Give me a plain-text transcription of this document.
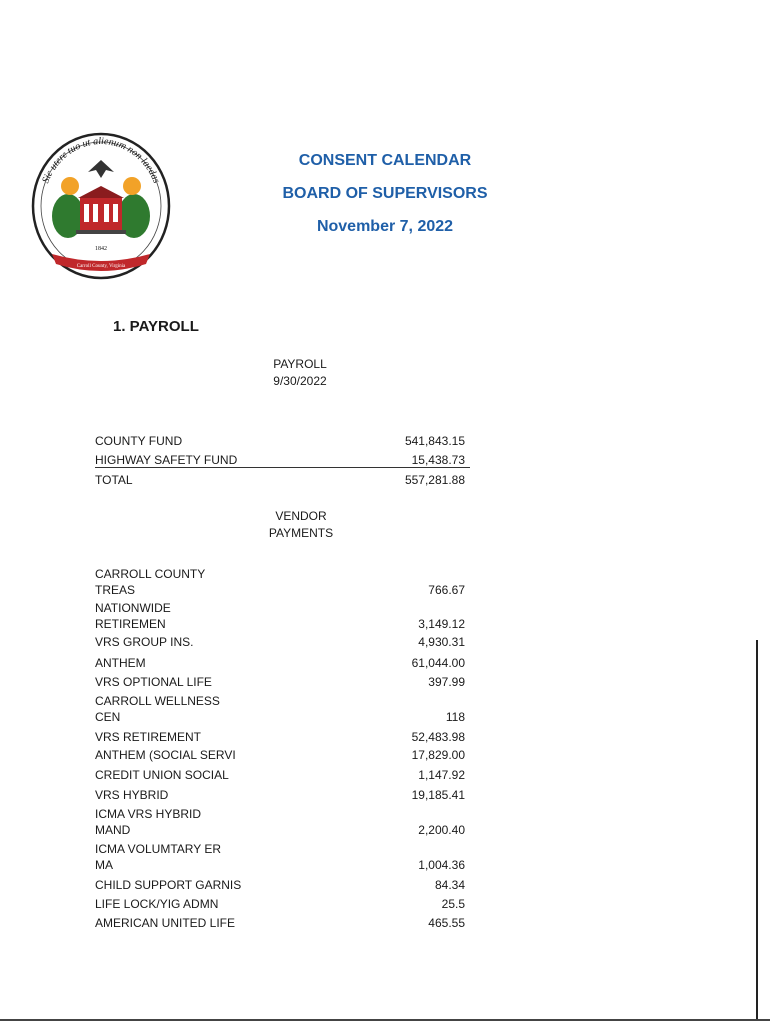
1842
Carroll County, Virginia
Sic utere tuo ut alienum non laedas
CONSENT CALENDAR
BOARD OF SUPERVISORS
November 7, 2022
1. PAYROLL
PAYROLL
9/30/2022
COUNTY FUND	541,843.15
HIGHWAY SAFETY FUND	15,438.73
TOTAL	557,281.88
VENDOR
PAYMENTS
CARROLL COUNTY
TREAS	766.67
NATIONWIDE
RETIREMEN	3,149.12
VRS GROUP INS.	4,930.31
ANTHEM	61,044.00
VRS OPTIONAL LIFE	397.99
CARROLL WELLNESS
CEN	118
VRS RETIREMENT	52,483.98
ANTHEM (SOCIAL SERVI	17,829.00
CREDIT UNION SOCIAL	1,147.92
VRS HYBRID	19,185.41
ICMA VRS HYBRID
MAND	2,200.40
ICMA VOLUMTARY ER
MA	1,004.36
CHILD SUPPORT GARNIS	84.34
LIFE LOCK/YIG ADMN	25.5
AMERICAN UNITED LIFE	465.55
